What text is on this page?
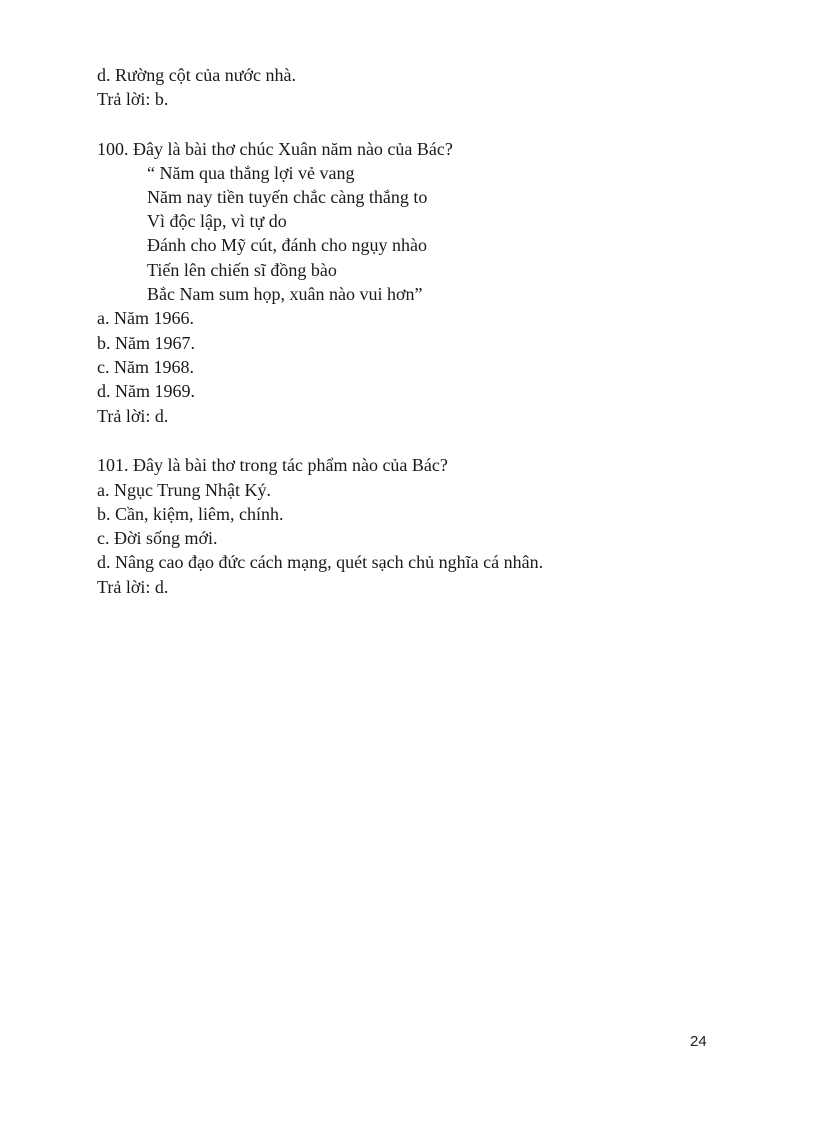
d. Rường cột của nước nhà.
Trả lời: b.
100. Đây là bài thơ chúc Xuân năm nào của Bác?
“ Năm qua thắng lợi vẻ vang
Năm nay tiền tuyến chắc càng thắng to
Vì độc lập, vì tự do
Đánh cho Mỹ cút, đánh cho ngụy nhào
Tiến lên chiến sĩ đồng bào
Bắc Nam sum họp, xuân nào vui hơn”
a. Năm 1966.
b. Năm 1967.
c. Năm 1968.
d. Năm 1969.
Trả lời: d.
101. Đây là bài thơ trong tác phẩm nào của Bác?
a. Ngục Trung Nhật Ký.
b. Cần, kiệm, liêm, chính.
c. Đời sống mới.
d. Nâng cao đạo đức cách mạng, quét sạch chủ nghĩa cá nhân.
Trả lời: d.
24
